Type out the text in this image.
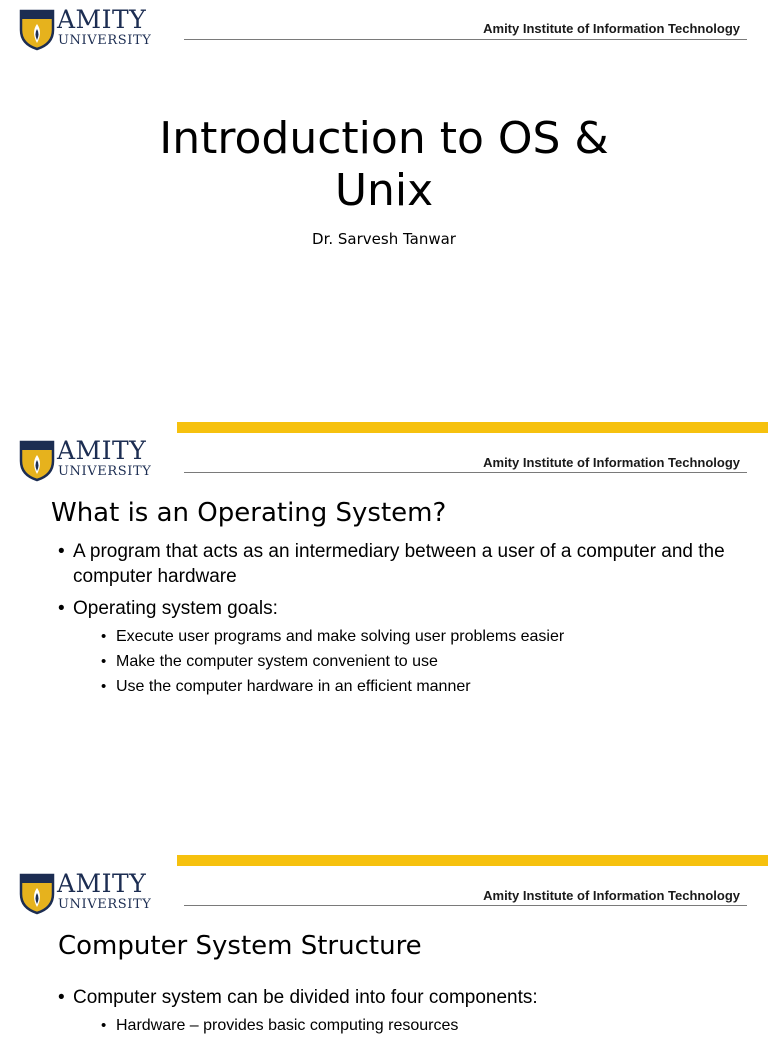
AMITY
UNIVERSITY
Amity Institute of Information Technology
Introduction to OS &
Unix

Dr. Sarvesh Tanwar

AMITY
UNIVERSITY
Amity Institute of Information Technology
What is an Operating System?
• A program that acts as an intermediary between a user of a computer and the computer hardware
• Operating system goals:
• Execute user programs and make solving user problems easier
• Make the computer system convenient to use
• Use the computer hardware in an efficient manner
AMITY
UNIVERSITY
Amity Institute of Information Technology
Computer System Structure
• Computer system can be divided into four components:
• Hardware – provides basic computing resources
